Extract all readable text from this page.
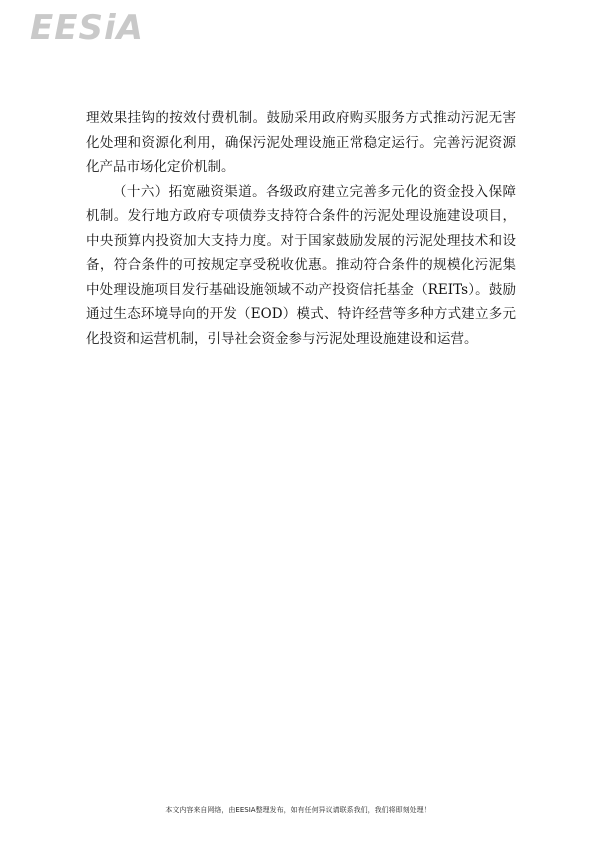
EESiA

理效果挂钩的按效付费机制。鼓励采用政府购买服务方式推动污泥无害化处理和资源化利用，确保污泥处理设施正常稳定运行。完善污泥资源化产品市场化定价机制。

（十六）拓宽融资渠道。各级政府建立完善多元化的资金投入保障机制。发行地方政府专项债券支持符合条件的污泥处理设施建设项目，中央预算内投资加大支持力度。对于国家鼓励发展的污泥处理技术和设备，符合条件的可按规定享受税收优惠。推动符合条件的规模化污泥集中处理设施项目发行基础设施领域不动产投资信托基金（REITs）。鼓励通过生态环境导向的开发（EOD）模式、特许经营等多种方式建立多元化投资和运营机制，引导社会资金参与污泥处理设施建设和运营。

本文内容来自网络，由EESIA整理发布，如有任何异议请联系我们，我们将即刻处理！
